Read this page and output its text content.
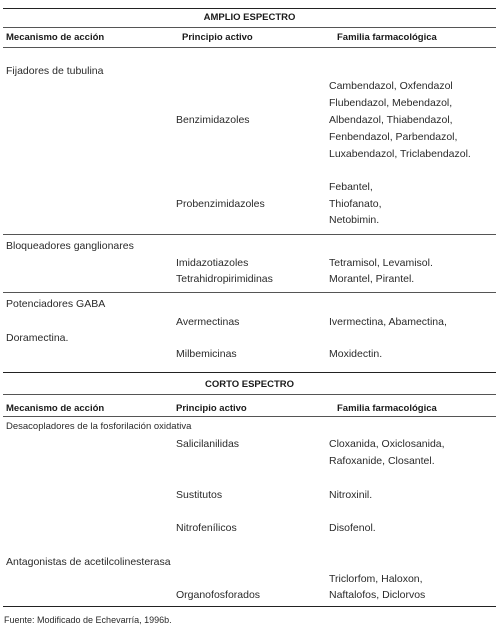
AMPLIO ESPECTRO
Mecanismo de acción	Principio activo	Familia farmacológica
Fijadores de tubulina
Cambendazol, Oxfendazol
Flubendazol, Mebendazol,
Benzimidazoles	Albendazol, Thiabendazol,
Fenbendazol, Parbendazol,
Luxabendazol, Triclabendazol.
Febantel,
Probenzimidazoles	Thiofanato,
Netobimin.
Bloqueadores ganglionares
Imidazotiazoles	Tetramisol, Levamisol.
Tetrahidropirimidinas	Morantel, Pirantel.
Potenciadores GABA
Avermectinas	Ivermectina, Abamectina,
Doramectina.
Milbemicinas	Moxidectin.
CORTO ESPECTRO
Mecanismo de acción	Principio activo	Familia farmacológica
Desacopladores de la fosforilación oxidativa
Salicilanilidas	Cloxanida, Oxiclosanida,
Rafoxanide, Closantel.
Sustitutos	Nitroxinil.
Nitrofenílicos	Disofenol.
Antagonistas de acetilcolinesterasa
Triclorfom, Haloxon,
Organofosforados	Naftalofos, Diclorvos
Fuente: Modificado de Echevarría, 1996b.
